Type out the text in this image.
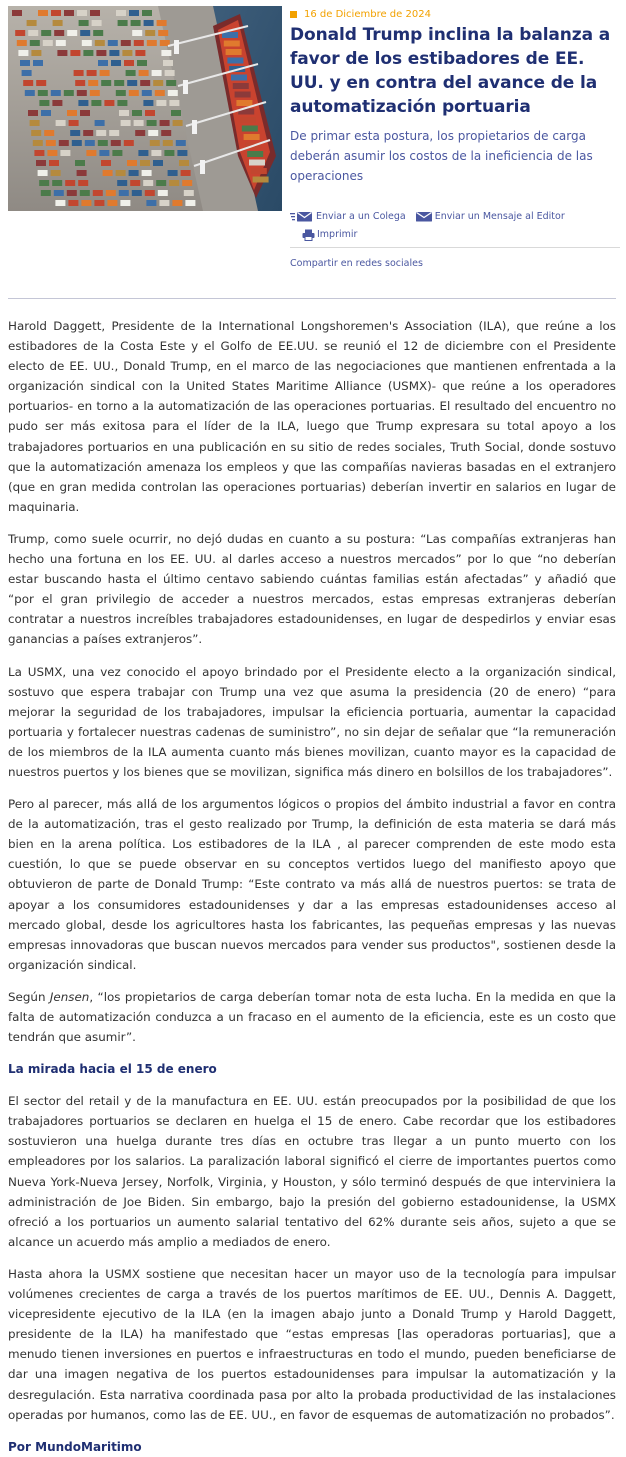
16 de Diciembre de 2024
Donald Trump inclina la balanza a favor de los estibadores de EE. UU. y en contra del avance de la automatización portuaria
De primar esta postura, los propietarios de carga deberán asumir los costos de la ineficiencia de las operaciones
Enviar a un Colega	Enviar un Mensaje al Editor
Imprimir
Compartir en redes sociales

Harold Daggett, Presidente de la International Longshoremen's Association (ILA), que reúne a los estibadores de la Costa Este y el Golfo de EE.UU. se reunió el 12 de diciembre con el Presidente electo de EE. UU., Donald Trump, en el marco de las negociaciones que mantienen enfrentada a la organización sindical con la United States Maritime Alliance (USMX)- que reúne a los operadores portuarios- en torno a la automatización de las operaciones portuarias. El resultado del encuentro no pudo ser más exitosa para el líder de la ILA, luego que Trump expresara su total apoyo a los trabajadores portuarios en una publicación en su sitio de redes sociales, Truth Social, donde sostuvo que la automatización amenaza los empleos y que las compañías navieras basadas en el extranjero (que en gran medida controlan las operaciones portuarias) deberían invertir en salarios en lugar de maquinaria.

Trump, como suele ocurrir, no dejó dudas en cuanto a su postura: “Las compañías extranjeras han hecho una fortuna en los EE. UU. al darles acceso a nuestros mercados” por lo que “no deberían estar buscando hasta el último centavo sabiendo cuántas familias están afectadas” y añadió que “por el gran privilegio de acceder a nuestros mercados, estas empresas extranjeras deberían contratar a nuestros increíbles trabajadores estadounidenses, en lugar de despedirlos y enviar esas ganancias a países extranjeros”.

La USMX, una vez conocido el apoyo brindado por el Presidente electo a la organización sindical, sostuvo que espera trabajar con Trump una vez que asuma la presidencia (20 de enero) “para mejorar la seguridad de los trabajadores, impulsar la eficiencia portuaria, aumentar la capacidad portuaria y fortalecer nuestras cadenas de suministro”, no sin dejar de señalar que “la remuneración de los miembros de la ILA aumenta cuanto más bienes movilizan, cuanto mayor es la capacidad de nuestros puertos y los bienes que se movilizan, significa más dinero en bolsillos de los trabajadores”.

Pero al parecer, más allá de los argumentos lógicos o propios del ámbito industrial a favor en contra de la automatización, tras el gesto realizado por Trump, la definición de esta materia se dará más bien en la arena política. Los estibadores de la ILA , al parecer comprenden de este modo esta cuestión, lo que se puede observar en su conceptos vertidos luego del manifiesto apoyo que obtuvieron de parte de Donald Trump: “Este contrato va más allá de nuestros puertos: se trata de apoyar a los consumidores estadounidenses y dar a las empresas estadounidenses acceso al mercado global, desde los agricultores hasta los fabricantes, las pequeñas empresas y las nuevas empresas innovadoras que buscan nuevos mercados para vender sus productos", sostienen desde la organización sindical.

Según Jensen, “los propietarios de carga deberían tomar nota de esta lucha. En la medida en que la falta de automatización conduzca a un fracaso en el aumento de la eficiencia, este es un costo que tendrán que asumir”.

La mirada hacia el 15 de enero

El sector del retail y de la manufactura en EE. UU. están preocupados por la posibilidad de que los trabajadores portuarios se declaren en huelga el 15 de enero. Cabe recordar que los estibadores sostuvieron una huelga durante tres días en octubre tras llegar a un punto muerto con los empleadores por los salarios. La paralización laboral significó el cierre de importantes puertos como Nueva York-Nueva Jersey, Norfolk, Virginia, y Houston, y sólo terminó después de que interviniera la administración de Joe Biden. Sin embargo, bajo la presión del gobierno estadounidense, la USMX ofreció a los portuarios un aumento salarial tentativo del 62% durante seis años, sujeto a que se alcance un acuerdo más amplio a mediados de enero.

Hasta ahora la USMX sostiene que necesitan hacer un mayor uso de la tecnología para impulsar volúmenes crecientes de carga a través de los puertos marítimos de EE. UU., Dennis A. Daggett, vicepresidente ejecutivo de la ILA (en la imagen abajo junto a Donald Trump y Harold Daggett, presidente de la ILA) ha manifestado que “estas empresas [las operadoras portuarias], que a menudo tienen inversiones en puertos e infraestructuras en todo el mundo, pueden beneficiarse de dar una imagen negativa de los puertos estadounidenses para impulsar la automatización y la desregulación. Esta narrativa coordinada pasa por alto la probada productividad de las instalaciones operadas por humanos, como las de EE. UU., en favor de esquemas de automatización no probados”.

Por MundoMaritimo
